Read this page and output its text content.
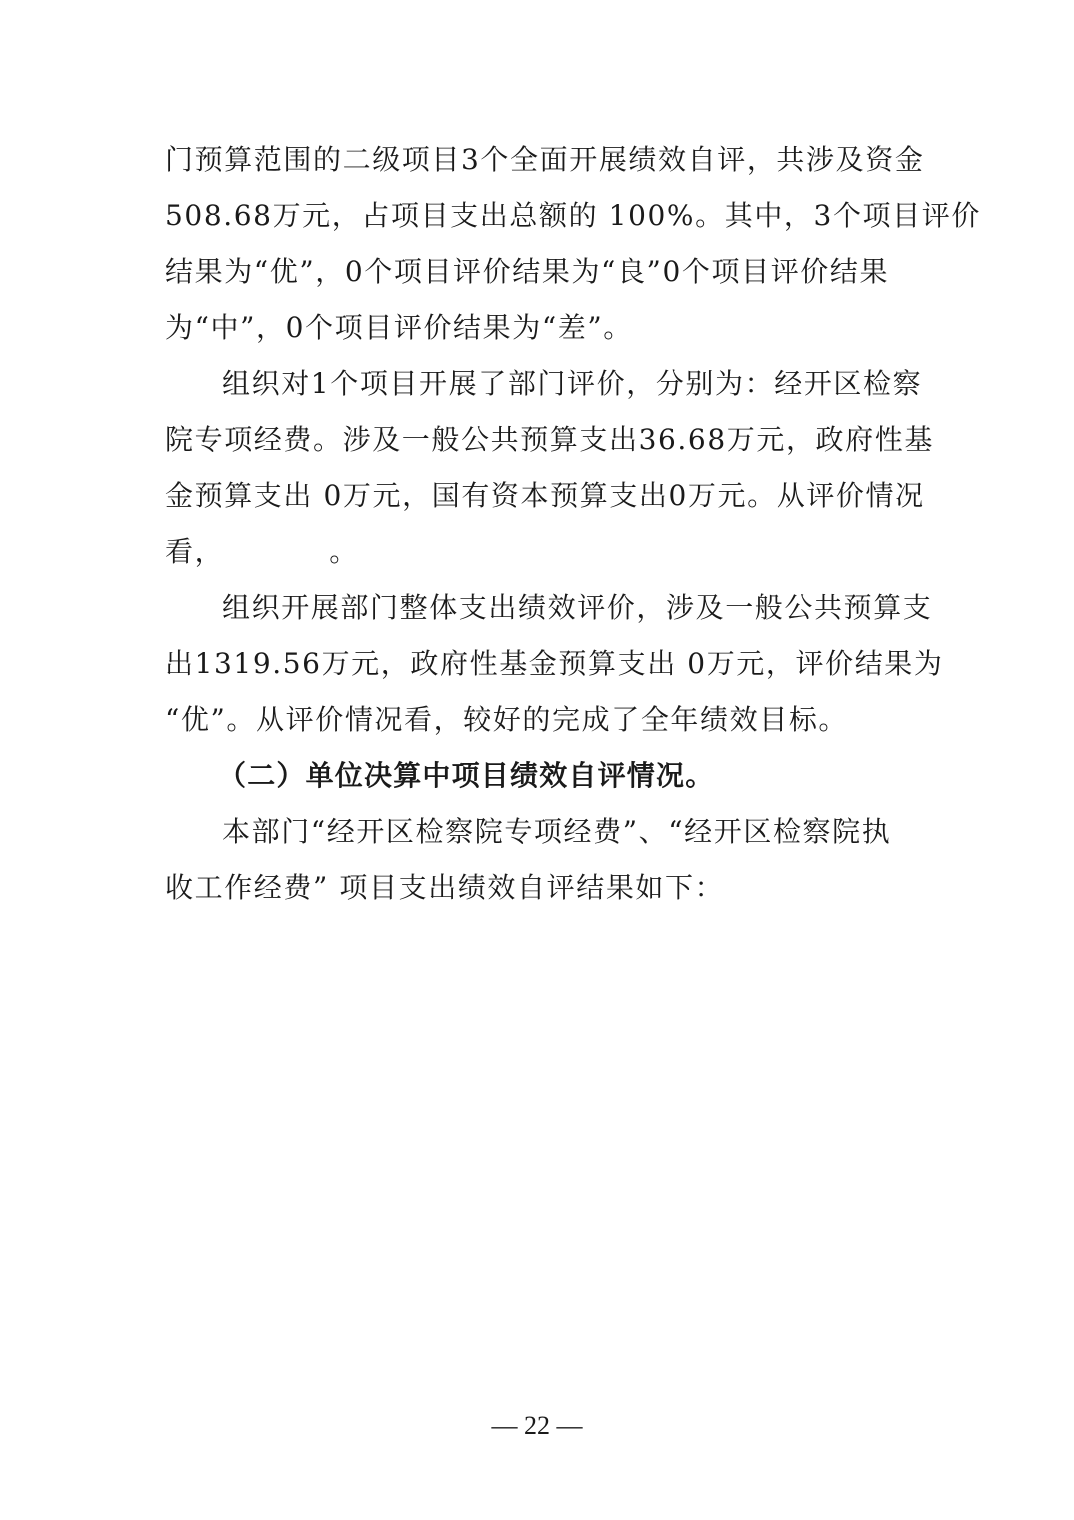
门预算范围的二级项目3个全面开展绩效自评，共涉及资金
508.68万元，占项目支出总额的 100%。其中，3个项目评价
结果为“优”，0个项目评价结果为“良”0个项目评价结果
为“中”，0个项目评价结果为“差”。
组织对1个项目开展了部门评价，分别为：经开区检察
院专项经费。涉及一般公共预算支出36.68万元，政府性基
金预算支出 0万元，国有资本预算支出0万元。从评价情况
看，          。
组织开展部门整体支出绩效评价，涉及一般公共预算支
出1319.56万元，政府性基金预算支出 0万元，评价结果为
“优”。从评价情况看，较好的完成了全年绩效目标。
（二）单位决算中项目绩效自评情况。
本部门“经开区检察院专项经费”、“经开区检察院执
收工作经费” 项目支出绩效自评结果如下：
— 22 —
